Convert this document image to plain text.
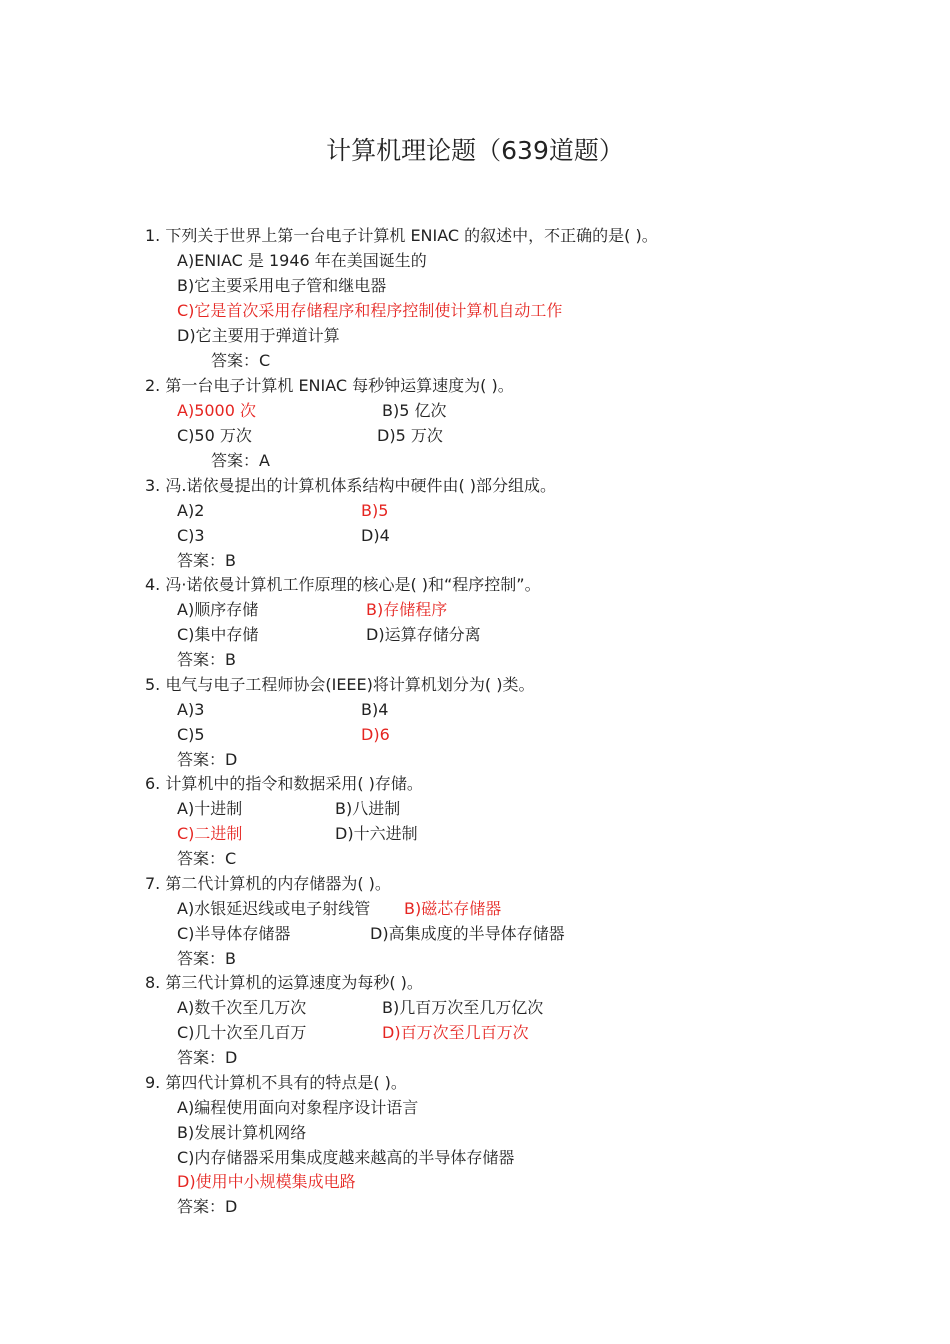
计算机理论题（639道题）
1. 下列关于世界上第一台电子计算机 ENIAC 的叙述中，不正确的是( )。
A)ENIAC 是 1946 年在美国诞生的
B)它主要采用电子管和继电器
C)它是首次采用存储程序和程序控制使计算机自动工作
D)它主要用于弹道计算
答案：C
2. 第一台电子计算机 ENIAC 每秒钟运算速度为( )。
A)5000 次	B)5 亿次
C)50 万次	D)5 万次
答案：A
3. 冯.诺依曼提出的计算机体系结构中硬件由( )部分组成。
A)2	B)5
C)3	D)4
答案：B
4. 冯·诺依曼计算机工作原理的核心是( )和“程序控制”。
A)顺序存储	B)存储程序
C)集中存储	D)运算存储分离
答案：B
5. 电气与电子工程师协会(IEEE)将计算机划分为( )类。
A)3	B)4
C)5	D)6
答案：D
6. 计算机中的指令和数据采用( )存储。
A)十进制	B)八进制
C)二进制	D)十六进制
答案：C
7. 第二代计算机的内存储器为( )。
A)水银延迟线或电子射线管 B)磁芯存储器
C)半导体存储器	D)高集成度的半导体存储器
答案：B
8. 第三代计算机的运算速度为每秒( )。
A)数千次至几万次	B)几百万次至几万亿次
C)几十次至几百万	D)百万次至几百万次
答案：D
9. 第四代计算机不具有的特点是( )。
A)编程使用面向对象程序设计语言
B)发展计算机网络
C)内存储器采用集成度越来越高的半导体存储器
D)使用中小规模集成电路
答案：D
